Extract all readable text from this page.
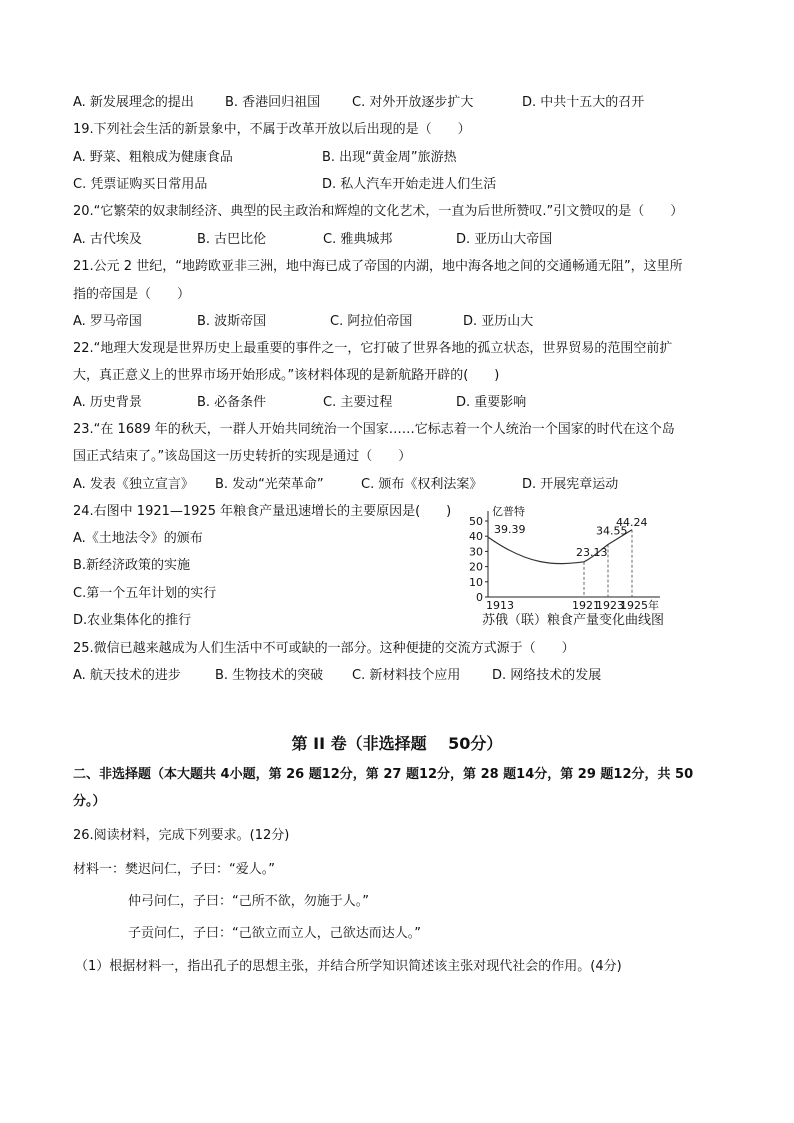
A. 新发展理念的提出 B. 香港回归祖国 C. 对外开放逐步扩大	D. 中共十五大的召开
19.下列社会生活的新景象中，不属于改革开放以后出现的是（　　）
A. 野菜、粗粮成为健康食品	B. 出现“黄金周”旅游热
C. 凭票证购买日常用品	D. 私人汽车开始走进人们生活
20.“它繁荣的奴隶制经济、典型的民主政治和辉煌的文化艺术，一直为后世所赞叹.”引文赞叹的是（　　）
A. 古代埃及	B. 古巴比伦	C. 雅典城邦	D. 亚历山大帝国
21.公元 2 世纪，“地跨欧亚非三洲，地中海已成了帝国的内湖，地中海各地之间的交通畅通无阻”，这里所
指的帝国是（　　）
A. 罗马帝国	B. 波斯帝国	C. 阿拉伯帝国	D. 亚历山大
22.“地理大发现是世界历史上最重要的事件之一，它打破了世界各地的孤立状态，世界贸易的范围空前扩
大，真正意义上的世界市场开始形成。”该材料体现的是新航路开辟的(　　)
A. 历史背景	B. 必备条件	C. 主要过程	D. 重要影响
23.“在 1689 年的秋天，一群人开始共同统治一个国家……它标志着一个人统治一个国家的时代在这个岛
国正式结束了。”该岛国这一历史转折的实现是通过（　　）
A. 发表《独立宣言》 B. 发动“光荣革命”	C. 颁布《权利法案》	D. 开展宪章运动
24.右图中 1921—1925 年粮食产量迅速增长的主要原因是(　　)
A.《土地法令》的颁布
B.新经济政策的实施
C.第一个五年计划的实行
D.农业集体化的推行
0
10
20
30
40
50
1913	1921
1923
1925年
39.39
23.13
34.55
44.24
亿普特
苏俄（联）粮食产量变化曲线图
25.微信已越来越成为人们生活中不可或缺的一部分。这种便捷的交流方式源于（　　）
A. 航天技术的进步	B. 生物技术的突破 C. 新材料技个应用 D. 网络技术的发展
第 II 卷（非选择题　 50分）
二、非选择题（本大题共 4小题，第 26 题12分，第 27 题12分，第 28 题14分，第 29 题12分，共 50
分。）
26.阅读材料，完成下列要求。(12分)
材料一：樊迟问仁，子曰：“爱人。”
仲弓问仁，子曰：“己所不欲，勿施于人。”
子贡问仁，子曰：“己欲立而立人，己欲达而达人。”
（1）根据材料一，指出孔子的思想主张，并结合所学知识简述该主张对现代社会的作用。(4分)
